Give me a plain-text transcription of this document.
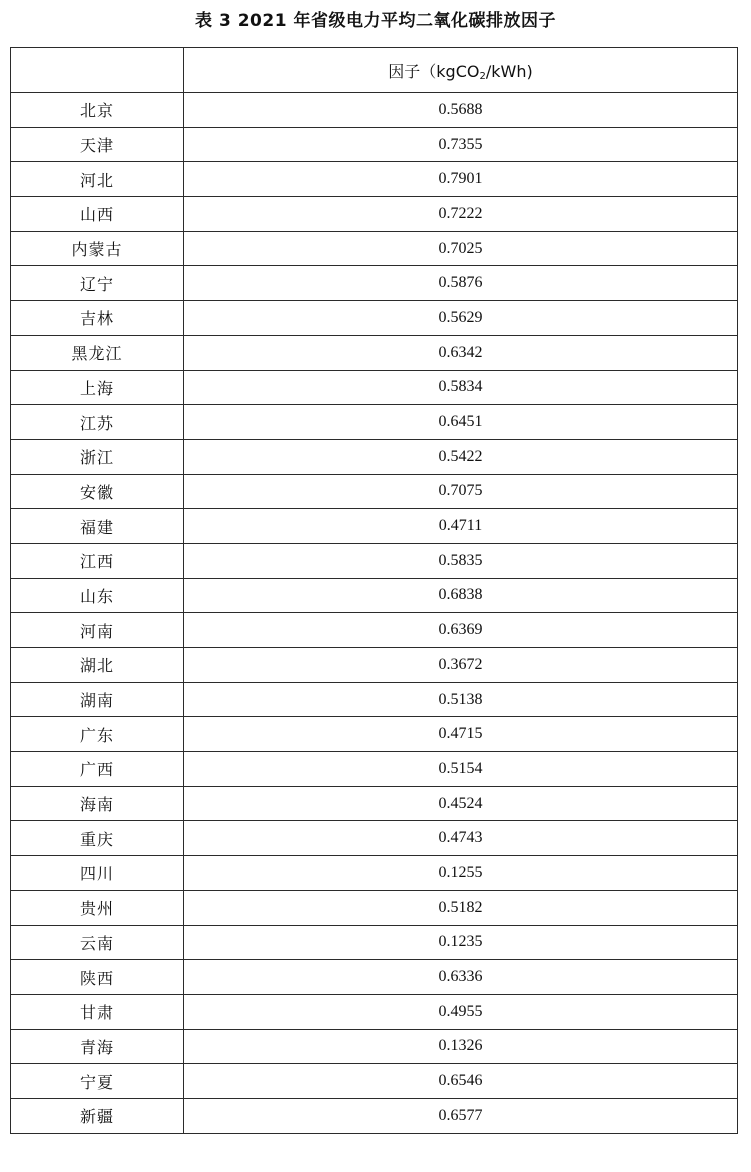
表 3 2021 年省级电力平均二氧化碳排放因子
	因子（kgCO$_2$/kWh)
北京	0.5688
天津	0.7355
河北	0.7901
山西	0.7222
内蒙古	0.7025
辽宁	0.5876
吉林	0.5629
黑龙江	0.6342
上海	0.5834
江苏	0.6451
浙江	0.5422
安徽	0.7075
福建	0.4711
江西	0.5835
山东	0.6838
河南	0.6369
湖北	0.3672
湖南	0.5138
广东	0.4715
广西	0.5154
海南	0.4524
重庆	0.4743
四川	0.1255
贵州	0.5182
云南	0.1235
陕西	0.6336
甘肃	0.4955
青海	0.1326
宁夏	0.6546
新疆	0.6577
